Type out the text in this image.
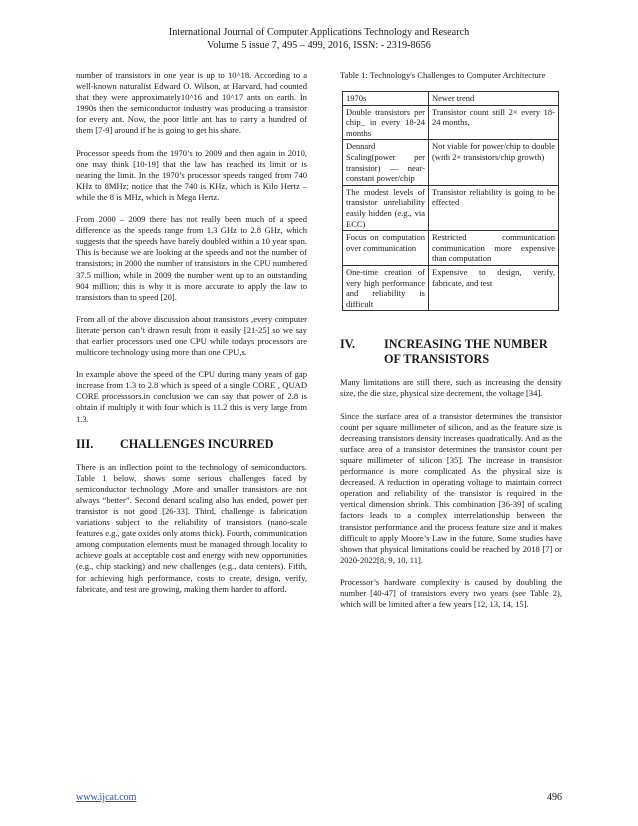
International Journal of Computer Applications Technology and Research
Volume 5 issue 7, 495 – 499, 2016, ISSN: - 2319-8656

number of transistors in one year is up to 10^18. According to a well-known naturalist Edward O. Wilson, at Harvard, had counted that they were approximately10^16 and 10^17 ants on earth. In 1990s then the semiconductor industry was producing a transistor for every ant. Now, the poor little ant has to carry a hundred of them [7-9] around if he is going to get his share.

Processor speeds from the 1970’s to 2009 and then again in 2010, one may think [10-19] that the law has reached its limit or is nearing the limit. In the 1970’s processor speeds ranged from 740 KHz to 8MHz; notice that the 740 is KHz, which is Kilo Hertz – while the 8 is MHz, which is Mega Hertz.

From 2000 – 2009 there has not really been much of a speed difference as the speeds range from 1.3 GHz to 2.8 GHz, which suggests that the speeds have barely doubled within a 10 year span. This is because we are looking at the speeds and not the number of transistors; in 2000 the number of transistors in the CPU numbered 37.5 million, while in 2009 the number went up to an outstanding 904 million; this is why it is more accurate to apply the law to transistors than to speed [20].

From all of the above discussion about transistors ,every computer literate person can’t drawn result from it easily [21-25] so we say that earlier processors used one CPU while todays processors are multicore technology using more than one CPU,s.

In example above the speed of the CPU during many years of gap increase from 1.3 to 2.8 which is speed of a single CORE , QUAD CORE processsors.in conclusion we can say that power of 2.8 is obtain if multiply it with four which is 11.2 this is very large from 1.3.

III.	CHALLENGES INCURRED

There is an inflection point to the technology of semiconductors. Table 1 below, shows some serious challenges faced by semiconductor technology .More and smaller transistors are not always “better”. Second denard scaling also has ended, power per transistor is not good [26-33]. Third, challenge is fabrication variations subject to the reliability of transistors (nano-scale features e.g., gate oxides only atoms thick). Fourth, communication among computation elements must be managed through locality to achieve goals at acceptable cost and energy with new opportunities (e.g., chip stacking) and new challenges (e.g., data centers). Fifth, for achieving high performance, costs to create, design, verify, fabricate, and test are growing, making them harder to afford.

Table 1: Technology's Challenges to Computer Architecture
1970s	Newer trend
Double transistors per chip_ in every 18-24 months	Transistor count still 2× every 18-24 months,
Dennard Scaling(power per transistor) — near-constant power/chip	Not viable for power/chip to double (with 2× transistors/chip growth)
The modest levels of transistor unreliability easily hidden (e.g., via ECC)	Transistor reliability is going to be effected
Focus on computation over communication	Restricted communication communication more expensive than computation
One-time creation of very high performance and reliability is difficult	Expensive to design, verify, fabricate, and test
IV.	INCREASING THE NUMBER OF TRANSISTORS

Many limitations are still there, such as increasing the density size, the die size, physical size decrement, the voltage [34].

Since the surface area of a transistor determines the transistor count per square millimeter of silicon, and as the feature size is decreasing transistors density increases quadratically. And as the surface area of a transistor determines the transistor count per square millimeter of silicon [35]. The increase in transistor performance is more complicated As the physical size is decreased. A reduction in operating voltage to maintain correct operation and reliability of the transistor is required in the vertical dimension shrink. This combination [36-39] of scaling factors leads to a complex interrelationship between the transistor performance and the process feature size and it makes difficult to apply Moore’s Law in the future. Some studies have shown that physical limitations could be reached by 2018 [7] or 2020-2022[8, 9, 10, 11].

Processor’s hardware complexity is caused by doubling the number [40-47] of transistors every two years (see Table 2), which will be limited after a few years [12, 13, 14, 15].

www.ijcat.com	496
